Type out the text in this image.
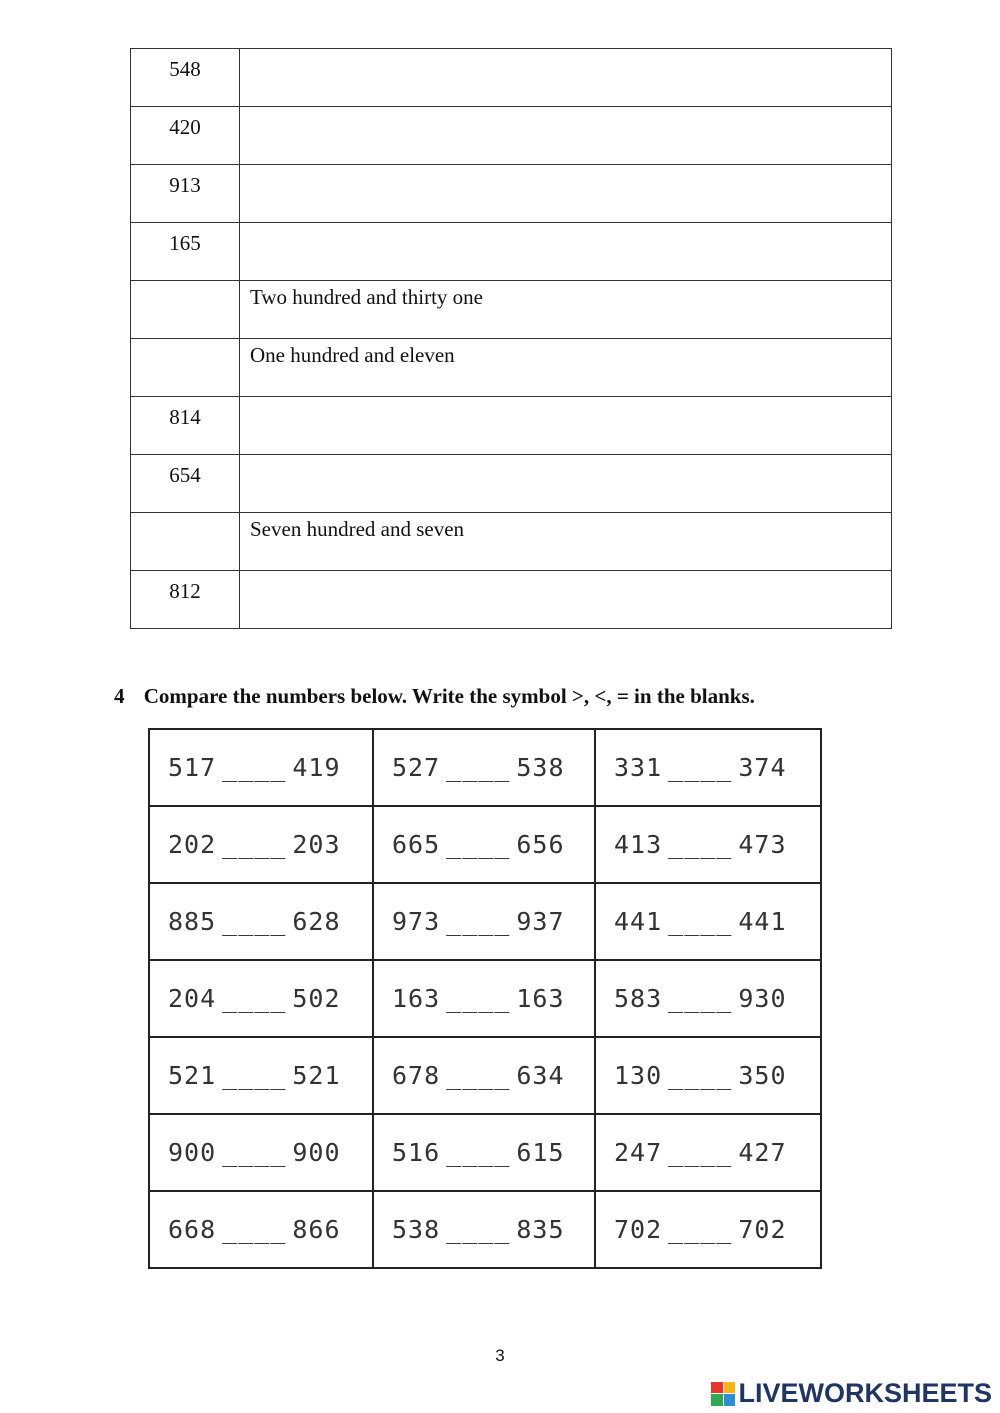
548	

420	

913	

165	

	Two hundred and thirty one

	One hundred and eleven

814	

654	

	Seven hundred and seven

812	

4 Compare the numbers below. Write the symbol >, <, = in the blanks.
517 ____ 419	527 ____ 538	331 ____ 374
202 ____ 203	665 ____ 656	413 ____ 473
885 ____ 628	973 ____ 937	441 ____ 441
204 ____ 502	163 ____ 163	583 ____ 930
521 ____ 521	678 ____ 634	130 ____ 350
900 ____ 900	516 ____ 615	247 ____ 427
668 ____ 866	538 ____ 835	702 ____ 702
3
LIVEWORKSHEETS
